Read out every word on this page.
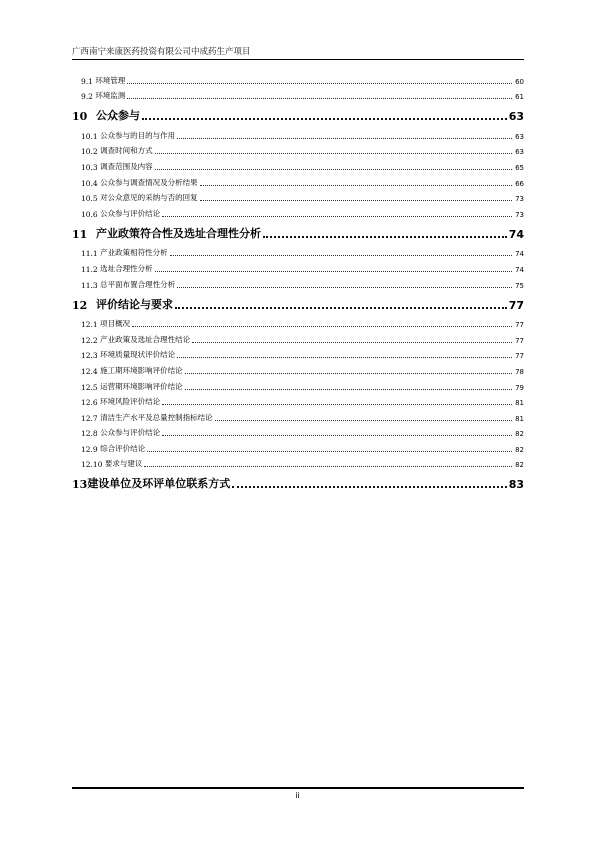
广西南宁来康医药投资有限公司中成药生产项目
9.1 环境管理	60
9.2 环境监测	61
10 公众参与	63
10.1 公众参与的目的与作用	63
10.2 调查时间和方式	63
10.3 调查范围及内容	65
10.4 公众参与调查情况及分析结果	66
10.5 对公众意见的采纳与否的回复	73
10.6 公众参与评价结论	73
11 产业政策符合性及选址合理性分析	74
11.1 产业政策相符性分析	74
11.2 选址合理性分析	74
11.3 总平面布置合理性分析	75
12 评价结论与要求	77
12.1 项目概况	77
12.2 产业政策及选址合理性结论	77
12.3 环境质量现状评价结论	77
12.4 施工期环境影响评价结论	78
12.5 运营期环境影响评价结论	79
12.6 环境风险评价结论	81
12.7 清洁生产水平及总量控制指标结论	81
12.8 公众参与评价结论	82
12.9 综合评价结论	82
12.10 要求与建议	82
13 建设单位及环评单位联系方式	83
ii
